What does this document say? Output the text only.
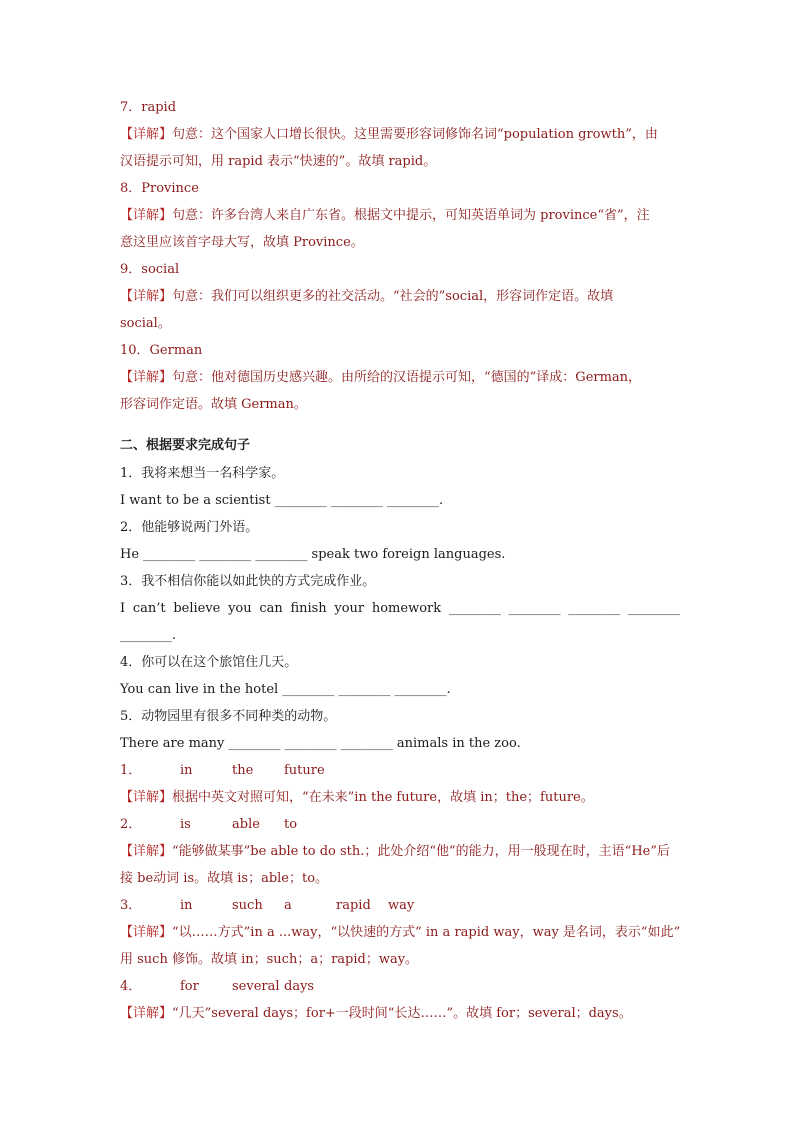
7．rapid
【详解】句意：这个国家人口增长很快。这里需要形容词修饰名词“population growth”，由
汉语提示可知，用 rapid 表示“快速的”。故填 rapid。
8．Province
【详解】句意：许多台湾人来自广东省。根据文中提示，可知英语单词为 province“省”，注
意这里应该首字母大写，故填 Province。
9．social
【详解】句意：我们可以组织更多的社交活动。“社会的”social，形容词作定语。故填
social。
10．German
【详解】句意：他对德国历史感兴趣。由所给的汉语提示可知，“德国的”译成：German，
形容词作定语。故填 German。
二、根据要求完成句子
1．我将来想当一名科学家。
I want to be a scientist ________ ________ ________.
2．他能够说两门外语。
He ________ ________ ________ speak two foreign languages.
3．我不相信你能以如此快的方式完成作业。
I can’t believe you can finish your homework ________ ________ ________ ________
________.
4．你可以在这个旅馆住几天。
You can live in the hotel ________ ________ ________.
5．动物园里有很多不同种类的动物。
There are many ________ ________ ________ animals in the zoo.
1．	in	the	future
【详解】根据中英文对照可知，“在未来”in the future，故填 in；the；future。
2．	is	able	to
【详解】“能够做某事”be able to do sth.；此处介绍“他”的能力，用一般现在时，主语“He”后
接 be动词 is。故填 is；able；to。
3．	in	such	a	rapid	way
【详解】“以……方式”in a ...way，“以快速的方式” in a rapid way，way 是名词，表示“如此”
用 such 修饰。故填 in；such；a；rapid；way。
4．	for	several days
【详解】“几天”several days；for+一段时间“长达……”。故填 for；several；days。
